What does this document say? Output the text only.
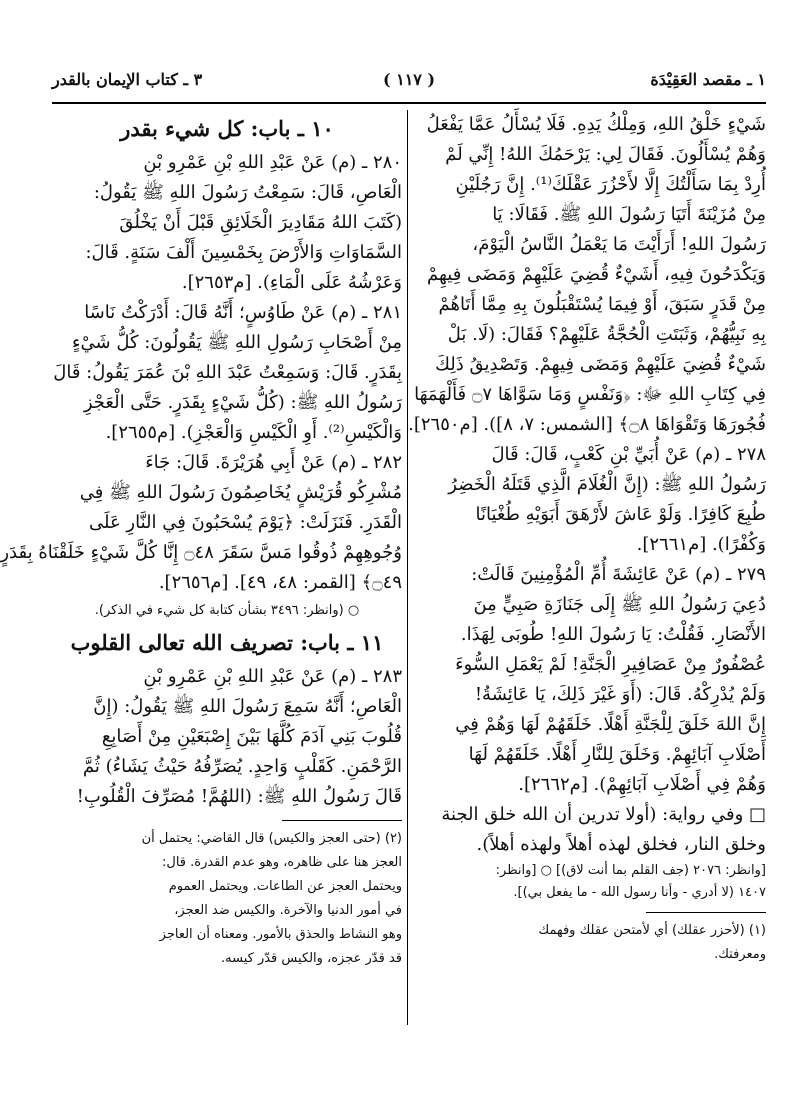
١ ـ مقصد العَقِيْدَة
( ١١٧ )
٣ ـ كتاب الإيمان بالقدر
شَيْءٍ خَلْقُ اللهِ، وَمِلْكُ يَدِهِ. فَلَا يُسْأَلُ عَمَّا يَفْعَلُ
وَهُمْ يُسْأَلُونَ. فَقَالَ لِي: يَرْحَمُكَ اللهُ! إِنِّي لَمْ
أُرِدْ بِمَا سَأَلْتُكَ إِلَّا لأَحْزُرَ عَقْلَكَ⁽¹⁾. إِنَّ رَجُلَيْنِ
مِنْ مُزَيْنَةَ أَتَيَا رَسُولَ اللهِ ﷺ. فَقَالَا: يَا
رَسُولَ اللهِ! أَرَأَيْتَ مَا يَعْمَلُ النَّاسُ الْيَوْمَ،
وَيَكْدَحُونَ فِيهِ، أَشَيْءٌ قُضِيَ عَلَيْهِمْ وَمَضَى فِيهِمْ
مِنْ قَدَرٍ سَبَقَ، أَوْ فِيمَا يُسْتَقْبَلُونَ بِهِ مِمَّا أَتَاهُمْ
بِهِ نَبِيُّهُمْ، وَثَبَتَتِ الْحُجَّةُ عَلَيْهِمْ؟ فَقَالَ: (لَا. بَلْ
شَيْءٌ قُضِيَ عَلَيْهِمْ وَمَضَى فِيهِمْ. وَتَصْدِيقُ ذَلِكَ
فِي كِتَابِ اللهِ ﷻ: ﴿وَنَفْسٍ وَمَا سَوَّاهَا ۝٧ فَأَلْهَمَهَا
فُجُورَهَا وَتَقْوَاهَا ۝٨﴾ [الشمس: ٧، ٨]). [م٢٦٥٠].
٢٧٨ ـ (م) عَنْ أُبَيِّ بْنِ كَعْبٍ، قَالَ: قَالَ
رَسُولُ اللهِ ﷺ: (إِنَّ الْغُلَامَ الَّذِي قَتَلَهُ الْخَضِرُ
طُبِعَ كَافِرًا. وَلَوْ عَاشَ لأَرْهَقَ أَبَوَيْهِ طُغْيَانًا
وَكُفْرًا). [م٢٦٦١].
٢٧٩ ـ (م) عَنْ عَائِشَةَ أُمِّ الْمُؤْمِنِينَ قَالَتْ:
دُعِيَ رَسُولُ اللهِ ﷺ إِلَى جَنَازَةِ صَبِيٍّ مِنَ
الأَنْصَارِ. فَقُلْتُ: يَا رَسُولَ اللهِ! طُوبَى لِهَذَا.
عُصْفُورٌ مِنْ عَصَافِيرِ الْجَنَّةِ! لَمْ يَعْمَلِ السُّوءَ
وَلَمْ يُدْرِكْهُ. قَالَ: (أَوَ غَيْرَ ذَلِكَ، يَا عَائِشَةُ!
إِنَّ اللهَ خَلَقَ لِلْجَنَّةِ أَهْلًا. خَلَقَهُمْ لَهَا وَهُمْ فِي
أَصْلَابِ آبَائِهِمْ. وَخَلَقَ لِلنَّارِ أَهْلًا. خَلَقَهُمْ لَهَا
وَهُمْ فِي أَصْلَابِ آبَائِهِمْ). [م٢٦٦٢].
□ وفي رواية: (أولا تدرين أن الله خلق الجنة
وخلق النار، فخلق لهذه أهلاً ولهذه أهلاً).
[وانظر: ٢٠٧٦ (جف القلم بما أنت لاق)] ○ [وانظر:
١٤٠٧ (لا أدري - وأنا رسول الله - ما يفعل بي)].
(١) (لأحزر عقلك) أي لأمتحن عقلك وفهمك
ومعرفتك.
١٠ ـ باب: كل شيء بقدر
٢٨٠ ـ (م) عَنْ عَبْدِ اللهِ بْنِ عَمْرِو بْنِ
الْعَاصِ، قَالَ: سَمِعْتُ رَسُولَ اللهِ ﷺ يَقُولُ:
(كَتَبَ اللهُ مَقَادِيرَ الْخَلَائِقِ قَبْلَ أَنْ يَخْلُقَ
السَّمَاوَاتِ وَالأَرْضَ بِخَمْسِينَ أَلْفَ سَنَةٍ. قَالَ:
وَعَرْشُهُ عَلَى الْمَاءِ). [م٢٦٥٣].
٢٨١ ـ (م) عَنْ طَاوُسٍ؛ أَنَّهُ قَالَ: أَدْرَكْتُ نَاسًا
مِنْ أَصْحَابِ رَسُولِ اللهِ ﷺ يَقُولُونَ: كُلُّ شَيْءٍ
بِقَدَرٍ. قَالَ: وَسَمِعْتُ عَبْدَ اللهِ بْنَ عُمَرَ يَقُولُ: قَالَ
رَسُولُ اللهِ ﷺ: (كُلُّ شَيْءٍ بِقَدَرٍ. حَتَّى الْعَجْزِ
وَالْكَيْسِ⁽²⁾. أَوِ الْكَيْسِ وَالْعَجْزِ). [م٢٦٥٥].
٢٨٢ ـ (م) عَنْ أَبِي هُرَيْرَةَ. قَالَ: جَاءَ
مُشْرِكُو قُرَيْشٍ يُخَاصِمُونَ رَسُولَ اللهِ ﷺ فِي
الْقَدَرِ. فَنَزَلَتْ: ﴿يَوْمَ يُسْحَبُونَ فِي النَّارِ عَلَى
وُجُوهِهِمْ ذُوقُوا مَسَّ سَقَرَ ۝٤٨ إِنَّا كُلَّ شَيْءٍ خَلَقْنَاهُ بِقَدَرٍ
۝٤٩﴾ [القمر: ٤٨، ٤٩]. [م٢٦٥٦].
○ (وانظر: ٣٤٩٦ بشأن كتابة كل شيء في الذكر).
١١ ـ باب: تصريف الله تعالى القلوب
٢٨٣ ـ (م) عَنْ عَبْدِ اللهِ بْنِ عَمْرِو بْنِ
الْعَاصِ؛ أَنَّهُ سَمِعَ رَسُولَ اللهِ ﷺ يَقُولُ: (إِنَّ
قُلُوبَ بَنِي آدَمَ كُلَّهَا بَيْنَ إِصْبَعَيْنِ مِنْ أَصَابِعِ
الرَّحْمَنِ. كَقَلْبٍ وَاحِدٍ. يُصَرِّفُهُ حَيْثُ يَشَاءُ) ثُمَّ
قَالَ رَسُولُ اللهِ ﷺ: (اللهُمَّ! مُصَرِّفَ الْقُلُوبِ!
(٢) (حتى العجز والكيس) قال القاضي: يحتمل أن
العجز هنا على ظاهره، وهو عدم القدرة. قال:
ويحتمل العجز عن الطاعات. ويحتمل العموم
في أمور الدنيا والآخرة. والكيس ضد العجز،
وهو النشاط والحذق بالأمور. ومعناه أن العاجز
قد قدّر عجزه، والكيس قدّر كيسه.
